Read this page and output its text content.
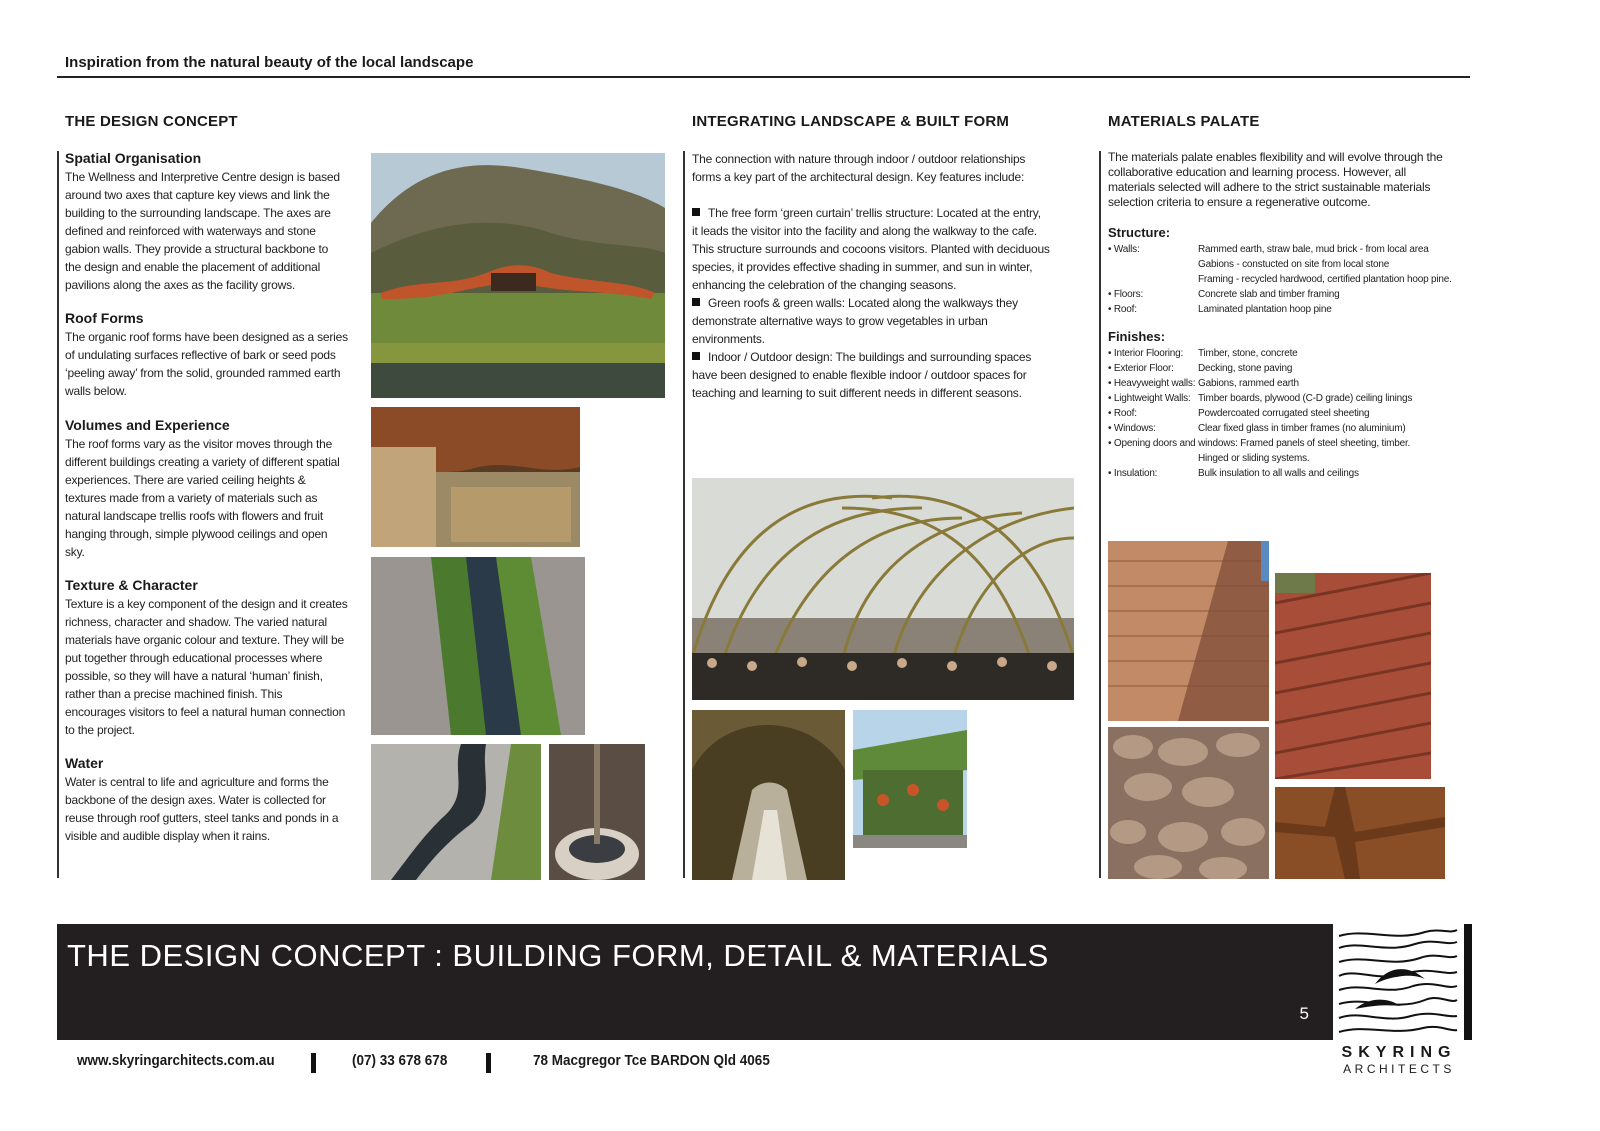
Inspiration from the natural beauty of the local landscape
THE DESIGN CONCEPT	INTEGRATING LANDSCAPE & BUILT FORM	MATERIALS PALATE
Spatial Organisation
The Wellness and Interpretive Centre design is based
around two axes that capture key views and link the
building to the surrounding landscape. The axes are
defined and reinforced with waterways and stone
gabion walls. They provide a structural backbone to
the design and enable the placement of additional
pavilions along the axes as the facility grows.
Roof Forms
The organic roof forms have been designed as a series
of undulating surfaces reflective of bark or seed pods
‘peeling away’ from the solid, grounded rammed earth
walls below.
Volumes and Experience
The roof forms vary as the visitor moves through the
different buildings creating a variety of different spatial
experiences. There are varied ceiling heights &
textures made from a variety of materials such as
natural landscape trellis roofs with flowers and fruit
hanging through, simple plywood ceilings and open
sky.
Texture & Character
Texture is a key component of the design and it creates
richness, character and shadow. The varied natural
materials have organic colour and texture. They will be
put together through educational processes where
possible, so they will have a natural ‘human’ finish,
rather than a precise machined finish. This
encourages visitors to feel a natural human connection
to the project.
Water
Water is central to life and agriculture and forms the
backbone of the design axes. Water is collected for
reuse through roof gutters, steel tanks and ponds in a
visible and audible display when it rains.
The connection with nature through indoor / outdoor relationships
forms a key part of the architectural design. Key features include:

The free form ‘green curtain’ trellis structure: Located at the entry,

it leads the visitor into the facility and along the walkway to the cafe.

This structure surrounds and cocoons visitors. Planted with deciduous

species, it provides effective shading in summer, and sun in winter,

enhancing the celebration of the changing seasons.

Green roofs & green walls: Located along the walkways they

demonstrate alternative ways to grow vegetables in urban

environments.

Indoor / Outdoor design: The buildings and surrounding spaces

have been designed to enable flexible indoor / outdoor spaces for

teaching and learning to suit different needs in different seasons.

The materials palate enables flexibility and will evolve through the
collaborative education and learning process. However, all
materials selected will adhere to the strict sustainable materials
selection criteria to ensure a regenerative outcome.
Structure:
• Walls:	Rammed earth, straw bale, mud brick - from local area
Gabions - constucted on site from local stone
Framing - recycled hardwood, certified plantation hoop pine.
• Floors:	Concrete slab and timber framing
• Roof:	Laminated plantation hoop pine
Finishes:
• Interior Flooring:	Timber, stone, concrete
• Exterior Floor:	Decking, stone paving
• Heavyweight walls: Gabions, rammed earth
• Lightweight Walls: Timber boards, plywood (C-D grade) ceiling linings
• Roof:	Powdercoated corrugated steel sheeting
• Windows:	Clear fixed glass in timber frames (no aluminium)
• Opening doors and windows:
Framed panels of steel sheeting, timber.
Hinged or sliding systems.
• Insulation:	Bulk insulation to all walls and ceilings
THE DESIGN CONCEPT : BUILDING FORM, DETAIL & MATERIALS
5
SKYRING
ARCHITECTS
www.skyringarchitects.com.au	(07) 33 678 678	78 Macgregor Tce BARDON Qld 4065
